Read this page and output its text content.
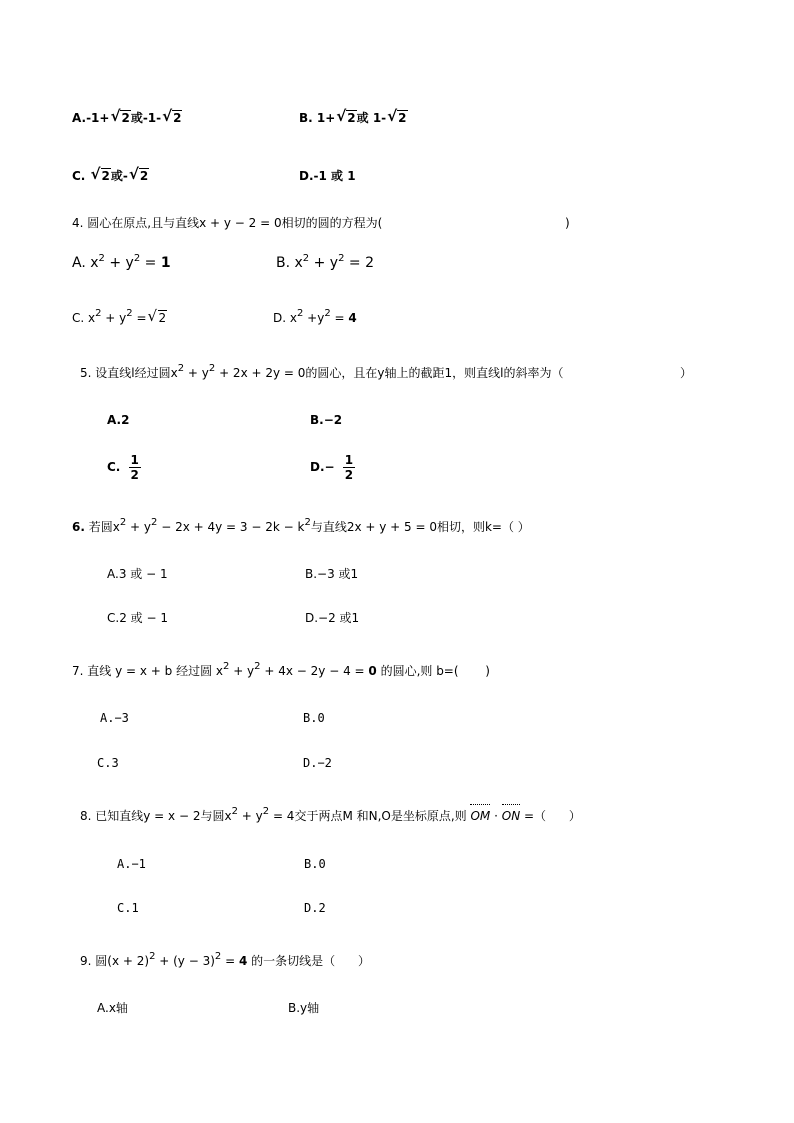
A.-1+ √ 2或-1- √ 2	B. 1+ √ 2或 1- √ 2
C. √ 2或- √ 2	D.-1 或 1
4. 圆心在原点,且与直线x + y − 2 = 0相切的圆的方程为(	)
A. $x^2 + y^2 = 1$	B. $x^2 + y^2 = 2$
C. $x^2 + y^2$ = √ 2	D. $x^2 +y^2 = 4$
5. 设直线l经过圆$x^2 + y^2 + 2x + 2y = 0$的圆心，且在y轴上的截距1，则直线l的斜率为（	）
A.2	B.−2
C. $\frac{1}{2}$	$D.- \frac{1}{2}$
6. 若圆$x^2 + y^2 - 2x + 4y = 3 - 2k - k^2$与直线2x + y + 5 = 0相切，则k=（ ）
A.3 或 − 1	B.−3 或1
C.2 或 − 1	D.−2 或1
7. 直线 y = x + b 经过圆 $x^2 + y^2 + 4x - 2y - 4 = 0$ 的圆心,则 b=(       )
A.−3	B.0
C.3	D.−2
8. 已知直线y = x − 2与圆$x^2 + y^2 = 4$交于两点M 和N,O是坐标原点,则 OM · ON =（      ）
A.−1	B.0
C.1	D.2
9. 圆$(x + 2)^2 + (y - 3)^2 = 4$ 的一条切线是（      ）
A.x轴	B.y轴
